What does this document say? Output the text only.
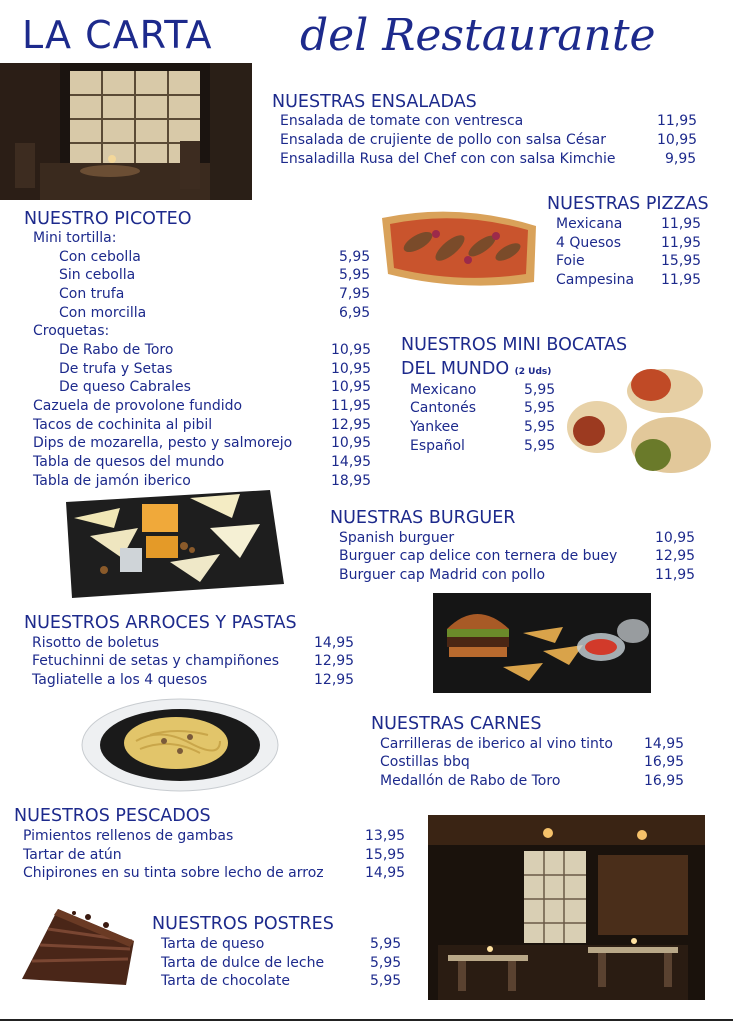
LA CARTA del Restaurante
NUESTRAS ENSALADAS
Ensalada de tomate con ventresca	11,95
Ensalada de crujiente de pollo con salsa César	10,95
Ensaladilla Rusa del Chef con con salsa Kimchie	9,95
NUESTRO PICOTEO
Mini tortilla:
Con cebolla	5,95
Sin cebolla	5,95
Con trufa	7,95
Con morcilla	6,95
Croquetas:
De Rabo de Toro	10,95
De trufa y Setas	10,95
De queso Cabrales	10,95
Cazuela de provolone fundido	11,95
Tacos de cochinita al pibil	12,95
Dips de mozarella, pesto y salmorejo	10,95
Tabla de quesos del mundo	14,95
Tabla de jamón iberico	18,95
NUESTRAS PIZZAS
Mexicana	11,95
4 Quesos	11,95
Foie	15,95
Campesina 11,95
NUESTROS MINI BOCATAS
DEL MUNDO (2 Uds)
Mexicano	5,95
Cantonés	5,95
Yankee	5,95
Español	5,95
NUESTRAS BURGUER
Spanish burguer	10,95
Burguer cap delice con ternera de buey	12,95
Burguer cap Madrid con pollo	11,95
NUESTROS ARROCES Y PASTAS
Risotto de boletus	14,95
Fetuchinni de setas y champiñones	12,95
Tagliatelle a los 4 quesos	12,95
NUESTRAS CARNES
Carrilleras de iberico al vino tinto 14,95
Costillas bbq	16,95
Medallón de Rabo de Toro	16,95
NUESTROS PESCADOS
Pimientos rellenos de gambas	13,95
Tartar de atún	15,95
Chipirones en su tinta sobre lecho de arroz	14,95
NUESTROS POSTRES
Tarta de queso	5,95
Tarta de dulce de leche	5,95
Tarta de chocolate	5,95
